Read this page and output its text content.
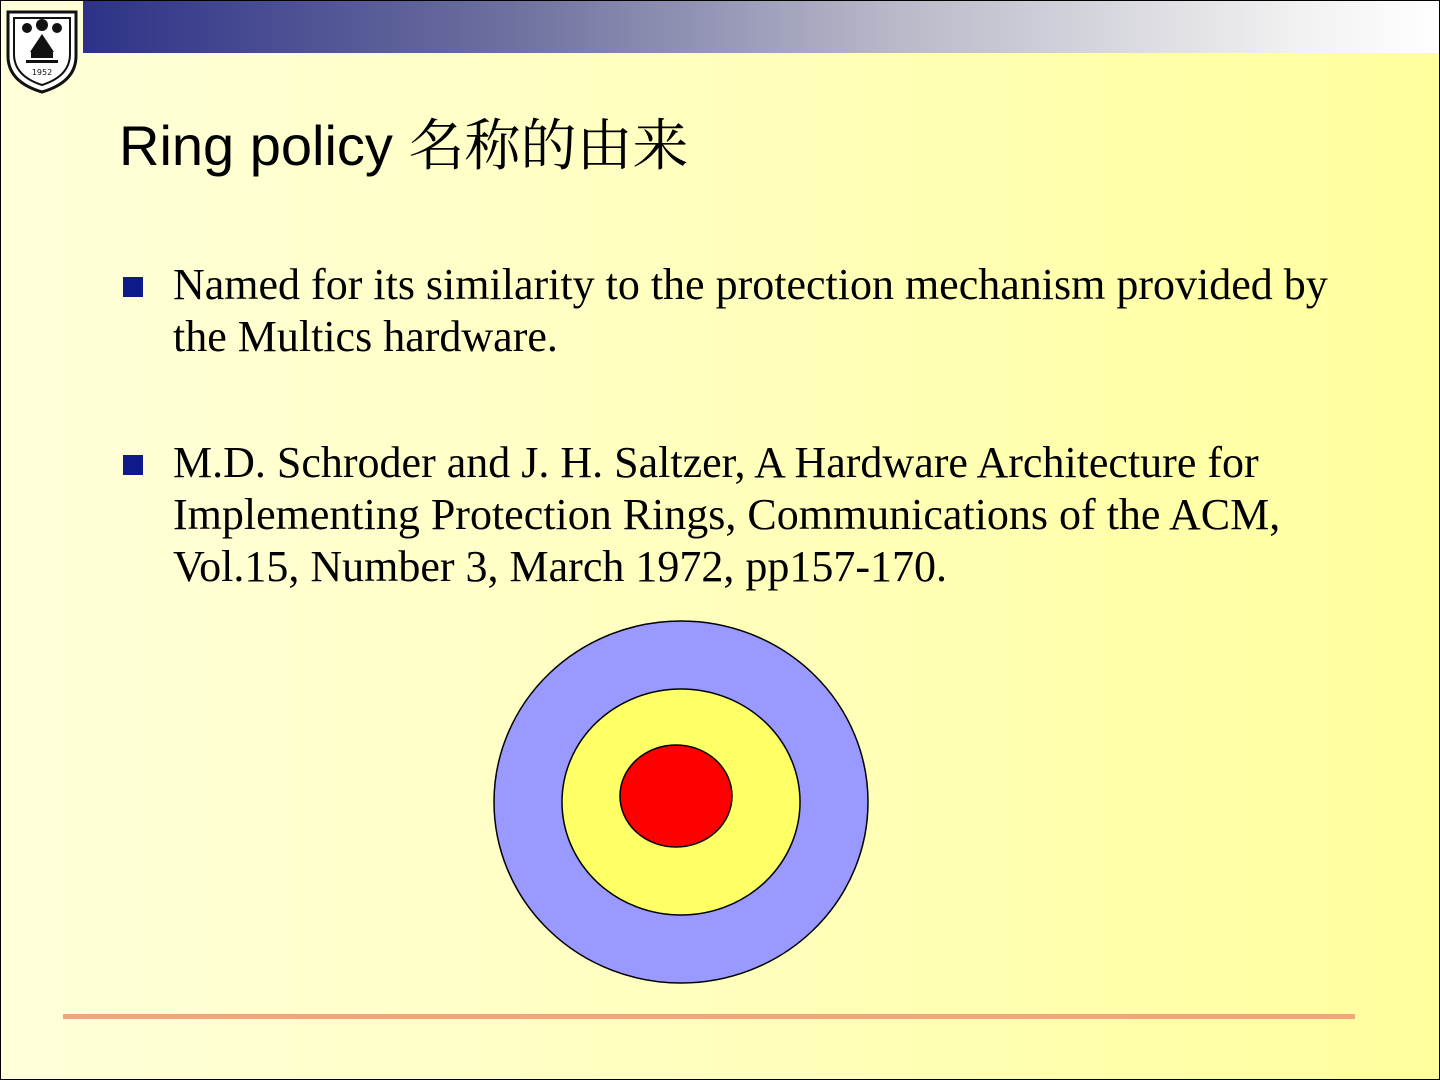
1952
Ring policy 名称的由来
Named for its similarity to the protection mechanism provided by the Multics hardware.
M.D. Schroder and J. H. Saltzer, A Hardware Architecture for Implementing Protection Rings, Communications of the ACM, Vol.15, Number 3, March 1972, pp157-170.
